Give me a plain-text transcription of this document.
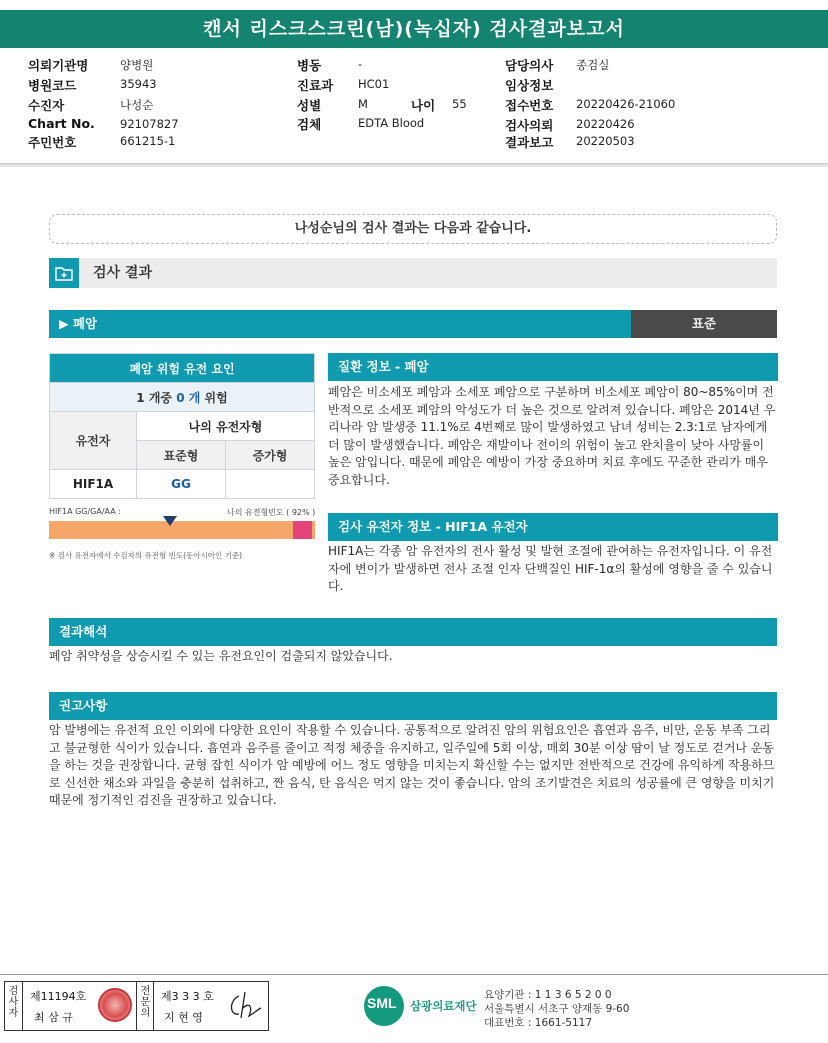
캔서 리스크스크린(남)(녹십자) 검사결과보고서
의뢰기관명	양병원
병원코드	35943
수진자	나성순
Chart No. 92107827
주민번호	661215-1
병동	-
진료과 HC01
성별	M	나이 55
검체	EDTA Blood
담당의사 종검실
임상정보
접수번호 20220426-21060
검사의뢰 20220426
결과보고 20220503
나성순님의 검사 결과는 다음과 같습니다.
검사 결과
▶ 폐암	표준
폐암 위험 유전 요인		
1 개중 0 개 위험		
유전자	나의 유전자형	
	표준형	증가형
HIF1A	GG	
HIF1A GG/GA/AA :	나의 유전형빈도 ( 92% )
※ 검사 유전자에서 수검자의 유전형 빈도(동아시아인 기준)
질환 정보 - 폐암
폐암은 비소세포 폐암과 소세포 폐암으로 구분하며 비소세포 폐암이 80~85%이며 전반적으로 소세포 폐암의 악성도가 더 높은 것으로 알려져 있습니다. 폐암은 2014년 우리나라 암 발생중 11.1%로 4번째로 많이 발생하였고 남녀 성비는 2.3:1로 남자에게 더 많이 발생했습니다. 폐암은 재발이나 전이의 위험이 높고 완치율이 낮아 사망률이 높은 암입니다. 때문에 폐암은 예방이 가장 중요하며 치료 후에도 꾸준한 관리가 매우 중요합니다.
검사 유전자 정보 - HIF1A 유전자
HIF1A는 각종 암 유전자의 전사 활성 및 발현 조절에 관여하는 유전자입니다. 이 유전자에 변이가 발생하면 전사 조절 인자 단백질인 HIF-1α의 활성에 영향을 줄 수 있습니다.
결과해석
폐암 취약성을 상승시킬 수 있는 유전요인이 검출되지 않았습니다.
권고사항
암 발병에는 유전적 요인 이외에 다양한 요인이 작용할 수 있습니다. 공통적으로 알려진 암의 위험요인은 흡연과 음주, 비만, 운동 부족 그리고 불균형한 식이가 있습니다. 흡연과 음주를 줄이고 적정 체중을 유지하고, 일주일에 5회 이상, 매회 30분 이상 땀이 날 정도로 걷거나 운동을 하는 것을 권장합니다. 균형 잡힌 식이가 암 예방에 어느 정도 영향을 미치는지 확신할 수는 없지만 전반적으로 건강에 유익하게 작용하므로 신선한 채소와 과일을 충분히 섭취하고, 짠 음식, 탄 음식은 먹지 않는 것이 좋습니다. 암의 조기발견은 치료의 성공률에 큰 영향을 미치기 때문에 정기적인 검진을 권장하고 있습니다.
검사자
제11194호
최 삼 규
전문의
제3 3 3 호
지 현 영
SML 삼광의료재단
요양기관 : 1 1 3 6 5 2 0 0
서울특별시 서초구 양재동 9-60
대표번호 : 1661-5117
